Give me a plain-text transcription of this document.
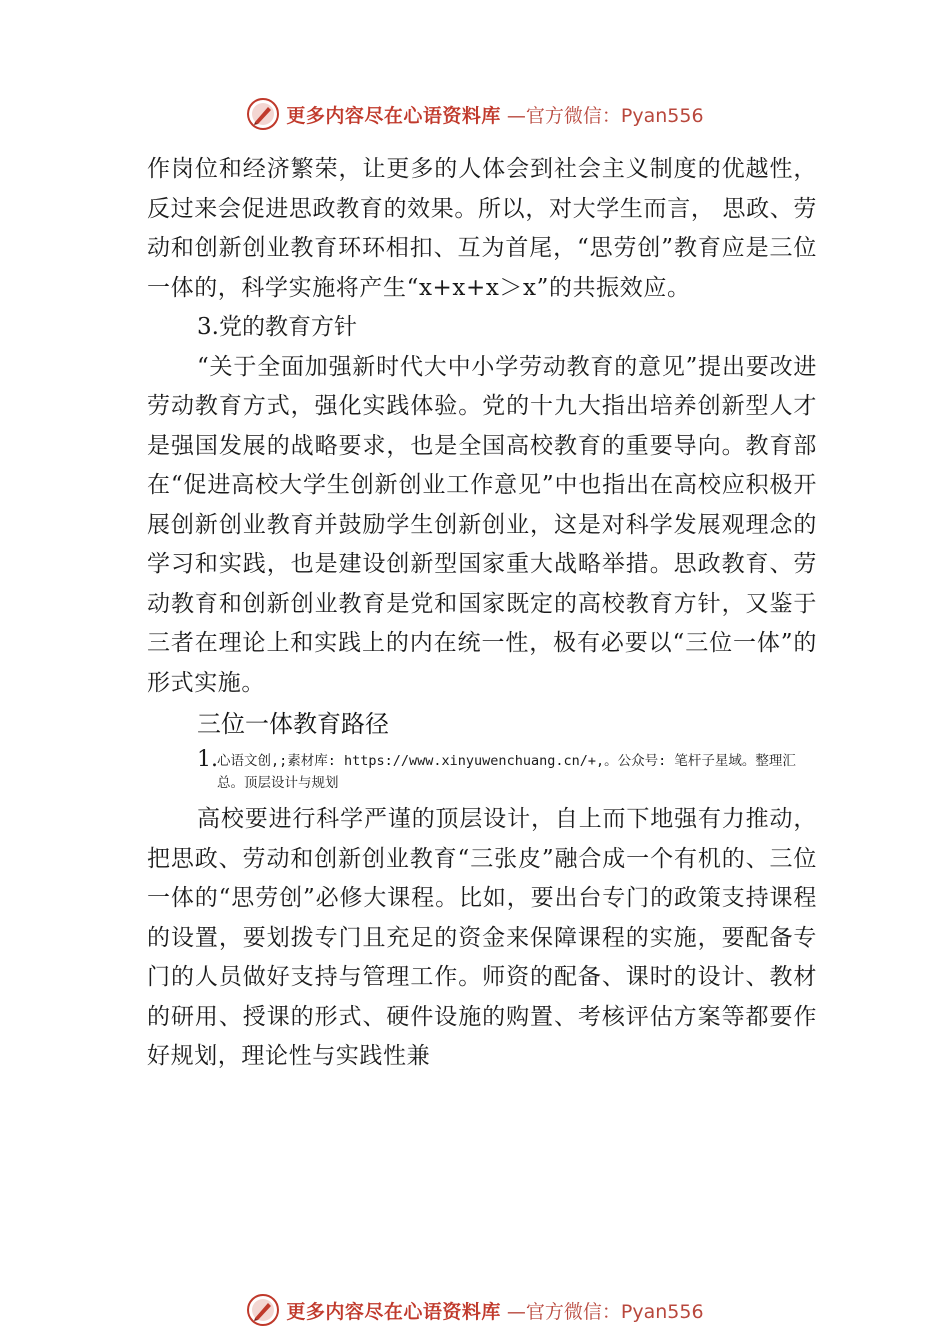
更多内容尽在心语资料库 —官方微信：Pyan556

作岗位和经济繁荣，让更多的人体会到社会主义制度的优越性，反过来会促进思政教育的效果。所以，对大学生而言， 思政、劳动和创新创业教育环环相扣、互为首尾，“思劳创”教育应是三位一体的，科学实施将产生“x+x+x＞x”的共振效应。

3.党的教育方针

“关于全面加强新时代大中小学劳动教育的意见”提出要改进劳动教育方式，强化实践体验。党的十九大指出培养创新型人才是强国发展的战略要求，也是全国高校教育的重要导向。教育部在“促进高校大学生创新创业工作意见”中也指出在高校应积极开展创新创业教育并鼓励学生创新创业，这是对科学发展观理念的学习和实践，也是建设创新型国家重大战略举措。思政教育、劳动教育和创新创业教育是党和国家既定的高校教育方针，又鉴于三者在理论上和实践上的内在统一性，极有必要以“三位一体”的形式实施。

三位一体教育路径

1. 心语文创,;素材库: https://www.xinyuwenchuang.cn/+,。公众号: 笔杆子星域。整理汇总。顶层设计与规划

高校要进行科学严谨的顶层设计，自上而下地强有力推动，把思政、劳动和创新创业教育“三张皮”融合成一个有机的、三位一体的“思劳创”必修大课程。比如，要出台专门的政策支持课程的设置，要划拨专门且充足的资金来保障课程的实施，要配备专门的人员做好支持与管理工作。师资的配备、课时的设计、教材的研用、授课的形式、硬件设施的购置、考核评估方案等都要作好规划，理论性与实践性兼

更多内容尽在心语资料库 —官方微信：Pyan556
